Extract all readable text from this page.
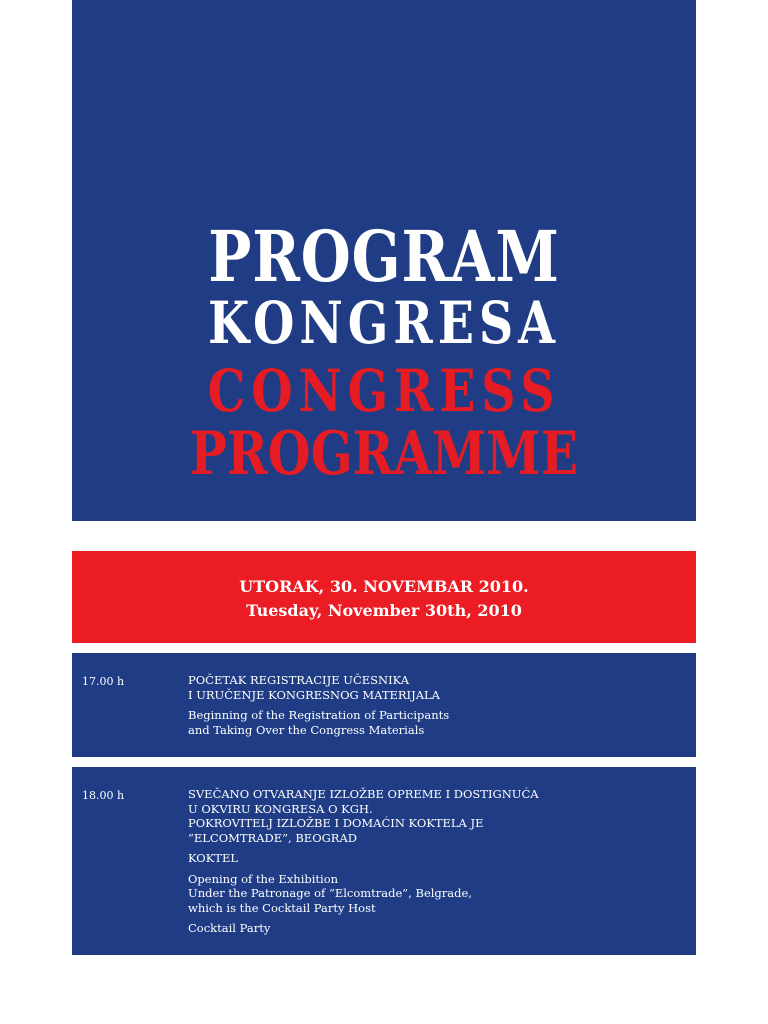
PROGRAM
KONGRESA
CONGRESS
PROGRAMME
UTORAK, 30. NOVEMBAR 2010.
Tuesday, November 30th, 2010
17.00 h	POČETAK REGISTRACIJE UČESNIKA

I URUČENJE KONGRESNOG MATERIJALA

Beginning of the Registration of Participants

and Taking Over the Congress Materials

18.00 h	SVEČANO OTVARANJE IZLOŽBE OPREME I DOSTIGNUĆA

U OKVIRU KONGRESA O KGH.

POKROVITELJ IZLOŽBE I DOMAĆIN KOKTELA JE

“ELCOMTRADE”, BEOGRAD

KOKTEL

Opening of the Exhibition

Under the Patronage of “Elcomtrade”, Belgrade,

which is the Cocktail Party Host

Cocktail Party
